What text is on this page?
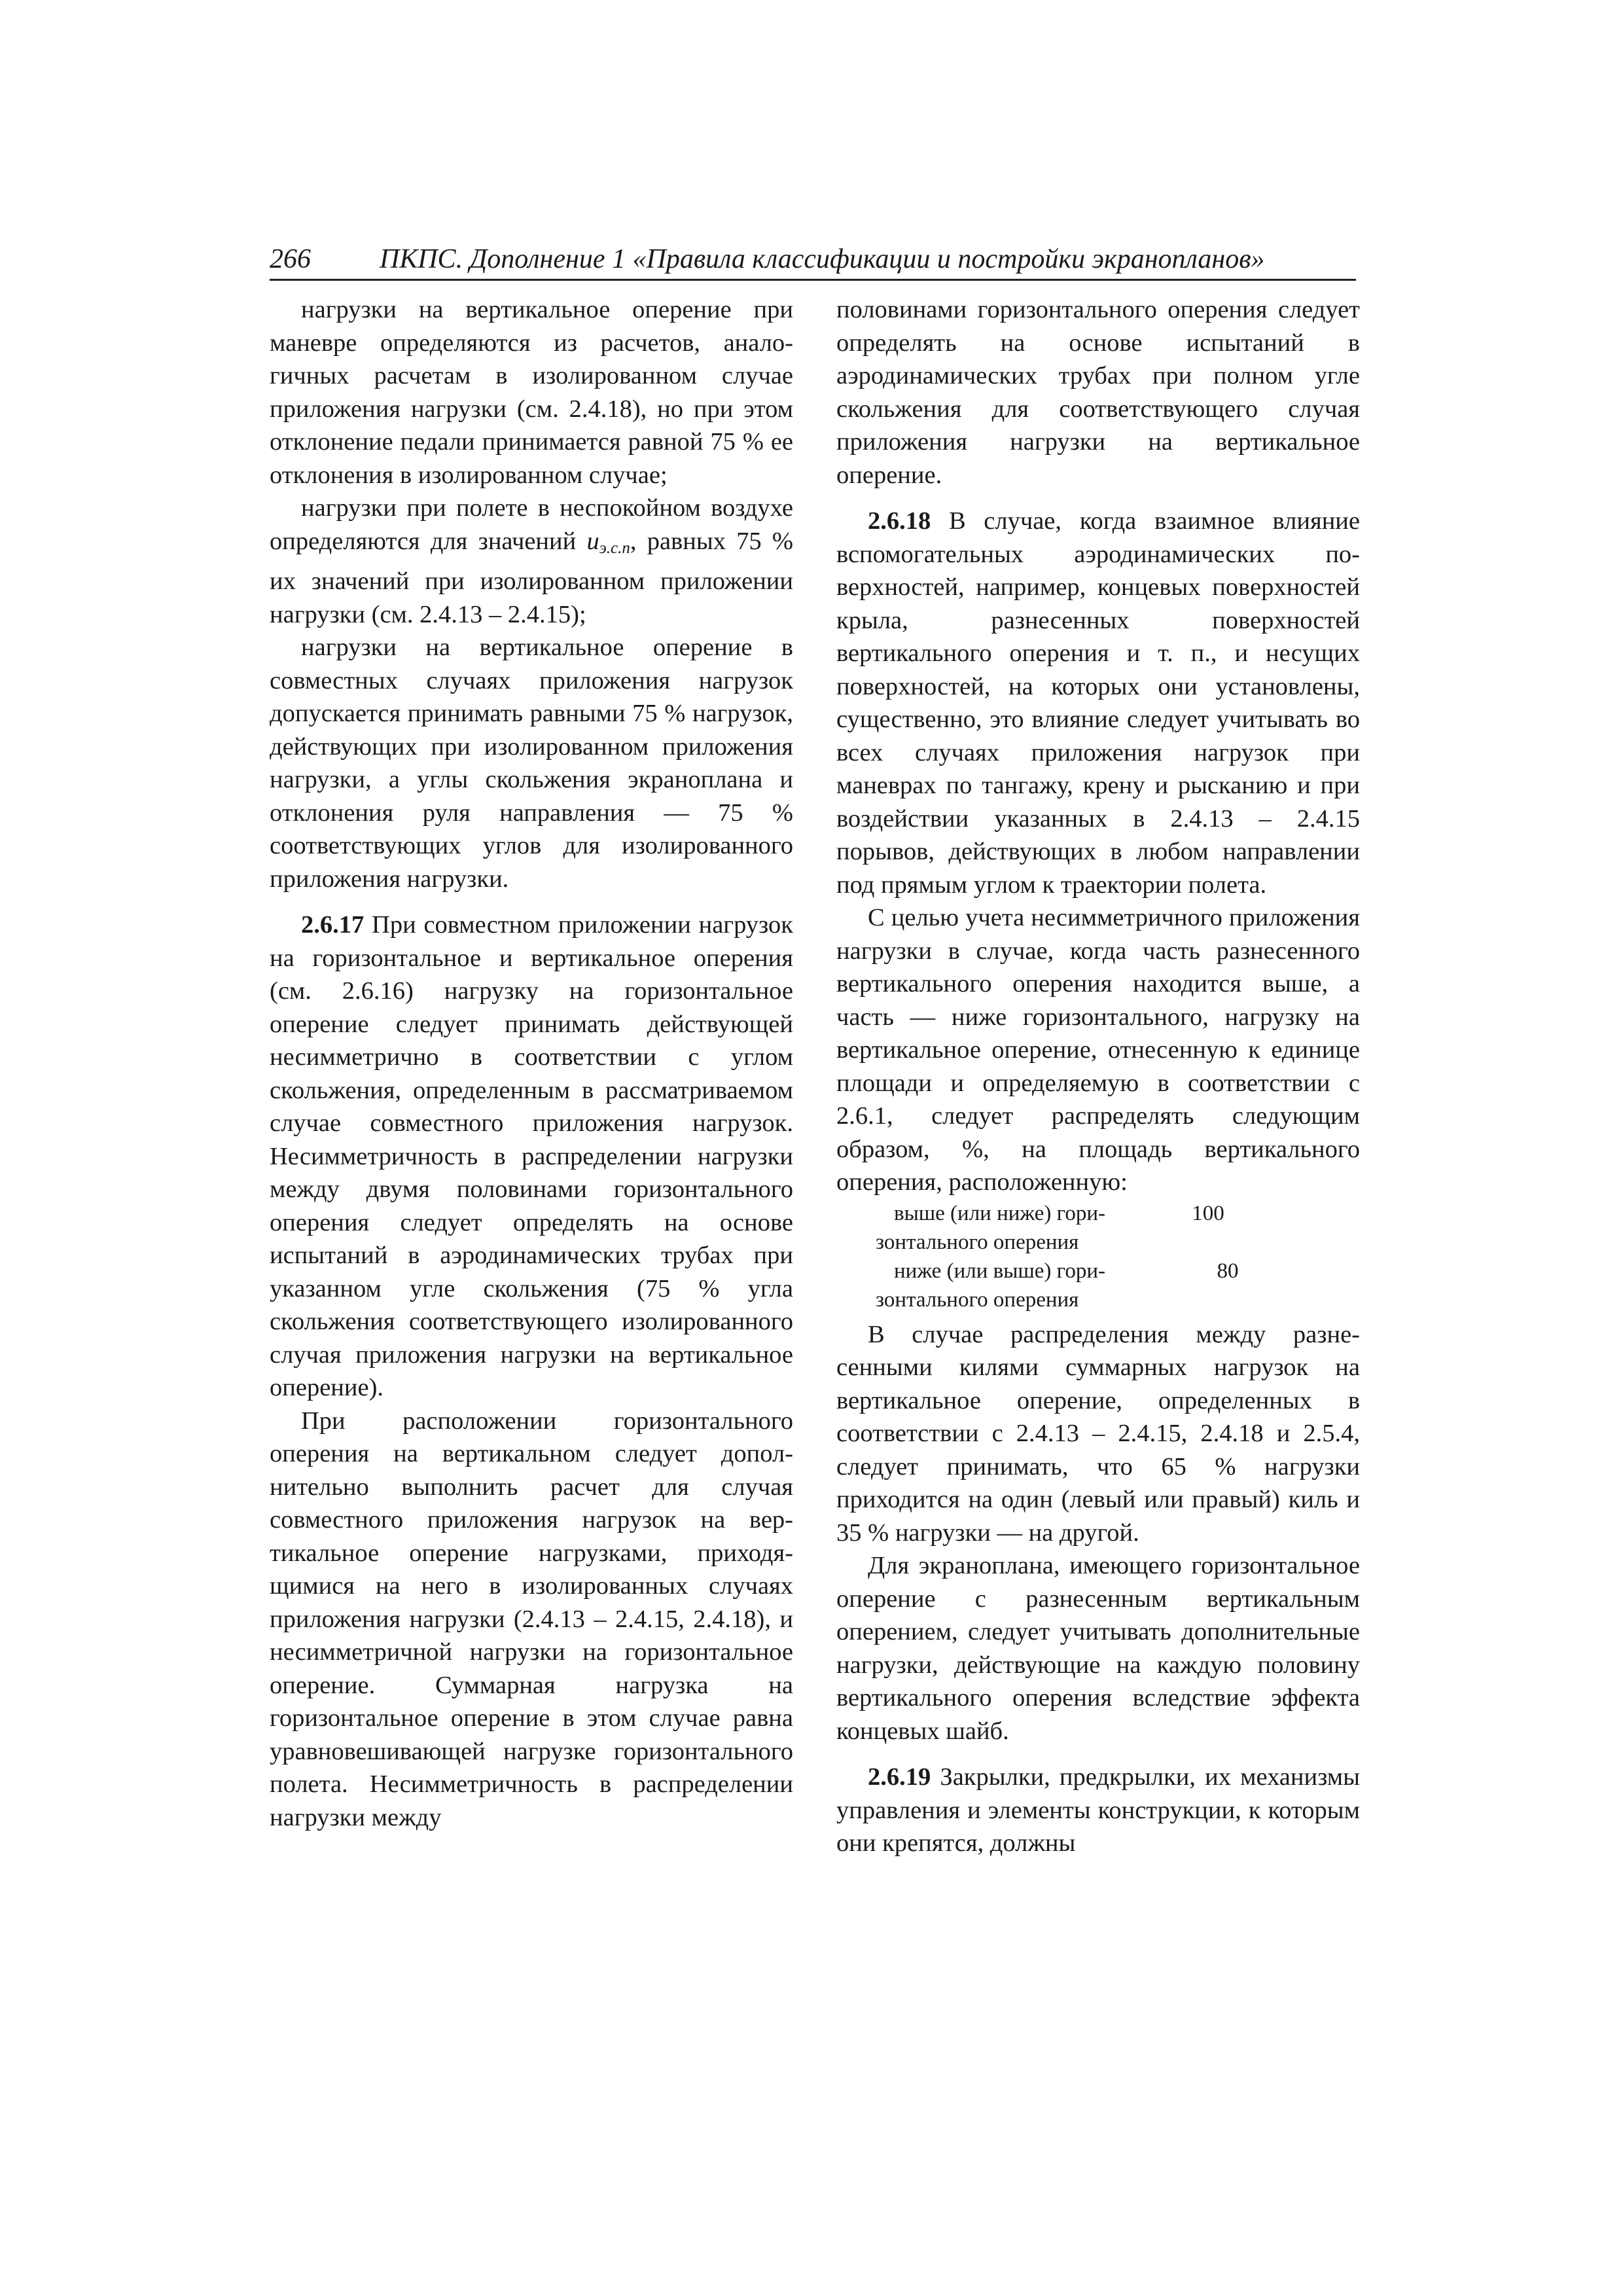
266	ПКПС. Дополнение 1 «Правила классификации и постройки экранопланов»

нагрузки на вертикальное оперение при маневре определяются из расчетов, аналогичных расчетам в изолированном случае приложения нагрузки (см. 2.4.18), но при этом отклонение педали принимается равной 75 % ее отклонения в изолированном случае;

нагрузки при полете в неспокойном воздухе определяются для значений $u_{э.с.п}$, равных 75 % их значений при изолированном приложении нагрузки (см. 2.4.13 – 2.4.15);

нагрузки на вертикальное оперение в совместных случаях приложения нагрузок допускается принимать равными 75 % нагрузок, действующих при изолированном приложения нагрузки, а углы скольжения экраноплана и отклонения руля направления — 75 % соответствующих углов для изолированного приложения нагрузки.

2.6.17 При совместном приложении нагрузок на горизонтальное и вертикальное оперения (см. 2.6.16) нагрузку на горизонтальное оперение следует принимать действующей несимметрично в соответствии с углом скольжения, определенным в рассматриваемом случае совместного приложения нагрузок. Несимметричность в распределении нагрузки между двумя половинами горизонтального оперения следует определять на основе испытаний в аэродинамических трубах при указанном угле скольжения (75 % угла скольжения соответствующего изолированного случая приложения нагрузки на вертикальное оперение).

При расположении горизонтального оперения на вертикальном следует дополнительно выполнить расчет для случая совместного приложения нагрузок на вертикальное оперение нагрузками, приходящимися на него в изолированных случаях приложения нагрузки (2.4.13 – 2.4.15, 2.4.18), и несимметричной нагрузки на горизонтальное оперение. Суммарная нагрузка на горизонтальное оперение в этом случае равна уравновешивающей нагрузке горизонтального полета. Несимметричность в распределении нагрузки между

половинами горизонтального оперения следует определять на основе испытаний в аэродинамических трубах при полном угле скольжения для соответствующего случая приложения нагрузки на вертикальное оперение.

2.6.18 В случае, когда взаимное влияние вспомогательных аэродинамических поверхностей, например, концевых поверхностей крыла, разнесенных поверхностей вертикального оперения и т. п., и несущих поверхностей, на которых они установлены, существенно, это влияние следует учитывать во всех случаях приложения нагрузок при маневрах по тангажу, крену и рысканию и при воздействии указанных в 2.4.13 – 2.4.15 порывов, действующих в любом направлении под прямым углом к траектории полета.

С целью учета несимметричного приложения нагрузки в случае, когда часть разнесенного вертикального оперения находится выше, а часть — ниже горизонтального, нагрузку на вертикальное оперение, отнесенную к единице площади и определяемую в соответствии с 2.6.1, следует распределять следующим образом, %, на площадь вертикального оперения, расположенную:

выше (или ниже) гори-	100
зонтального оперения
ниже (или выше) гори-	80
зонтального оперения

В случае распределения между разнесенными килями суммарных нагрузок на вертикальное оперение, определенных в соответствии с 2.4.13 – 2.4.15, 2.4.18 и 2.5.4, следует принимать, что 65 % нагрузки приходится на один (левый или правый) киль и 35 % нагрузки — на другой.

Для экраноплана, имеющего горизонтальное оперение с разнесенным вертикальным оперением, следует учитывать дополнительные нагрузки, действующие на каждую половину вертикального оперения вследствие эффекта концевых шайб.

2.6.19 Закрылки, предкрылки, их механизмы управления и элементы конструкции, к которым они крепятся, должны
